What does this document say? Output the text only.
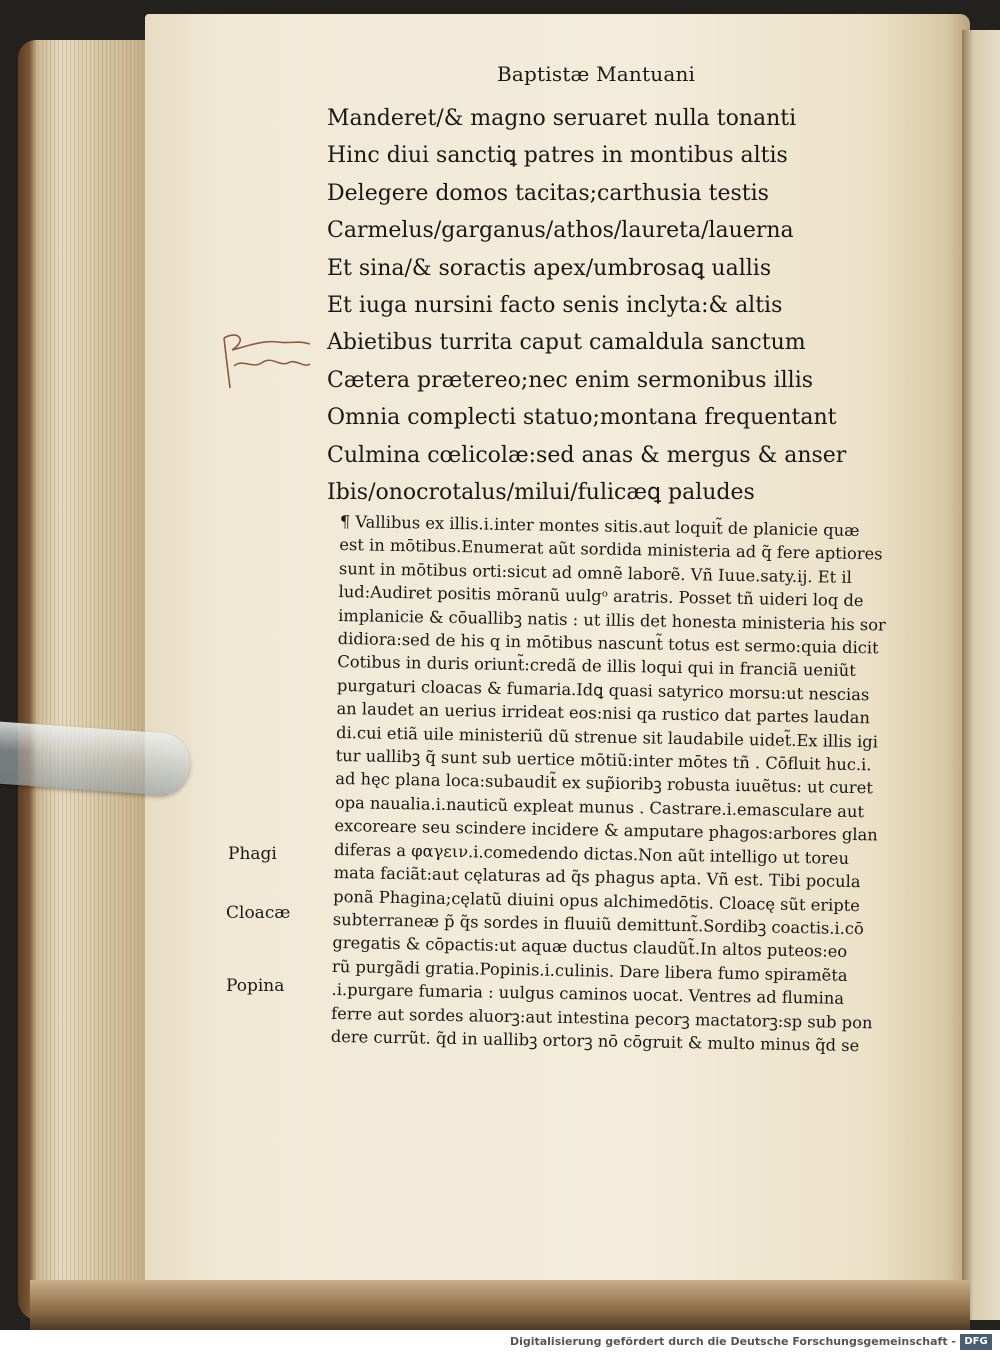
Baptistæ Mantuani
Manderet/& magno seruaret nulla tonanti
Hinc diui sanctiꝗ patres in montibus altis
Delegere domos tacitas;carthusia testis
Carmelus/garganus/athos/laureta/lauerna
Et sina/& soractis apex/umbrosaꝗ uallis
Et iuga nursini facto senis inclyta:& altis
Abietibus turrita caput camaldula sanctum
Cætera prætereo;nec enim sermonibus illis
Omnia complecti statuo;montana frequentant
Culmina cœlicolæ:sed anas & mergus & anser
Ibis/onocrotalus/milui/fulicæꝗ paludes
¶ Vallibus ex illis.i.inter montes sitis.aut loquit̃ de planicie quæ
est in mōtibus.Enumerat aũt sordida ministeria ad q̃ fere aptiores
sunt in mōtibus orti:sicut ad omnẽ laborẽ. Vñ Iuue.saty.ij. Et il
lud:Audiret positis mōranũ uulgᵒ aratris. Posset tñ uideri loq de
implanicie & cōuallibꝫ natis : ut illis det honesta ministeria his sor
didiora:sed de his q in mōtibus nascunt̃ totus est sermo:quia dicit
Cotibus in duris oriunt̃:credã de illis loqui qui in franciã ueniũt
purgaturi cloacas & fumaria.Idꝗ quasi satyrico morsu:ut nescias
an laudet an uerius irrideat eos:nisi qa rustico dat partes laudan
di.cui etiã uile ministeriũ dũ strenue sit laudabile uidet̃.Ex illis igi
tur uallibꝫ q̃ sunt sub uertice mōtiũ:inter mōtes tñ . Cōfluit huc.i.
ad hęc plana loca:subaudit̃ ex sup̃ioribꝫ robusta iuuẽtus: ut curet
opa naualia.i.nauticũ expleat munus . Castrare.i.emasculare aut
excoreare seu scindere incidere & amputare phagos:arbores glan
diferas a φαγειν.i.comedendo dictas.Non aũt intelligo ut toreu
mata faciãt:aut cęlaturas ad q̃s phagus apta. Vñ est. Tibi pocula
ponã Phagina;cęlatũ diuini opus alchimedōtis. Cloacę sũt eripte
subterraneæ p̃ q̃s sordes in fluuiũ demittunt̃.Sordibꝫ coactis.i.cō
gregatis & cōpactis:ut aquæ ductus claudũt̃.In altos puteos:eo
rũ purgãdi gratia.Popinis.i.culinis. Dare libera fumo spiramẽta
.i.purgare fumaria : uulgus caminos uocat. Ventres ad flumina
ferre aut sordes aluorꝫ:aut intestina pecorꝫ mactatorꝫ:sp sub pon
dere currũt. q̃d in uallibꝫ ortorꝫ nō cōgruit & multo minus q̃d se
Phagi
Cloacæ
Popina
Digitalisierung gefördert durch die Deutsche Forschungsgemeinschaft - DFG
